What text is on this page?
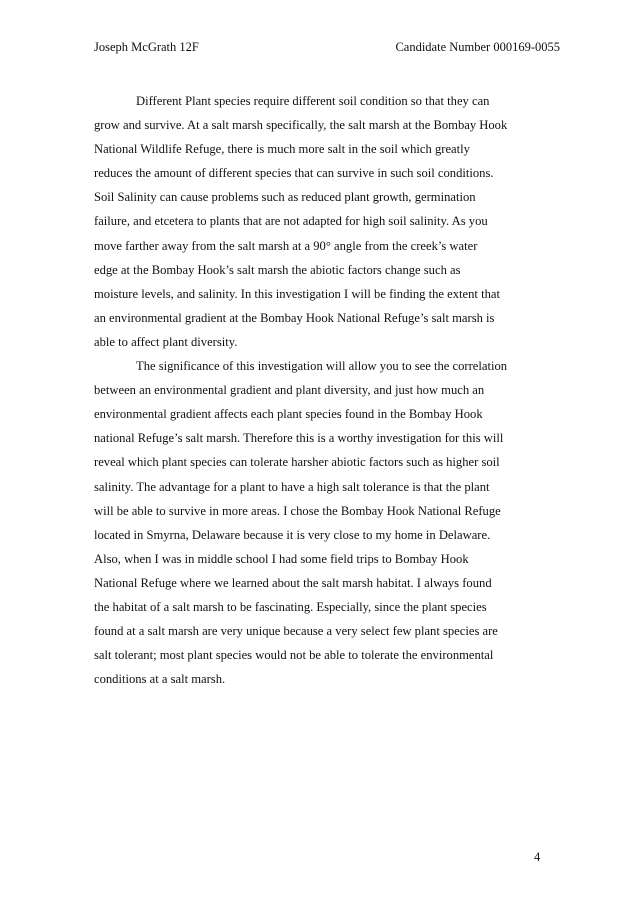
Joseph McGrath 12F	Candidate Number 000169-0055
Different Plant species require different soil condition so that they can
grow and survive. At a salt marsh specifically, the salt marsh at the Bombay Hook
National Wildlife Refuge, there is much more salt in the soil which greatly
reduces the amount of different species that can survive in such soil conditions.
Soil Salinity can cause problems such as reduced plant growth, germination
failure, and etcetera to plants that are not adapted for high soil salinity. As you
move farther away from the salt marsh at a 90° angle from the creek’s water
edge at the Bombay Hook’s salt marsh the abiotic factors change such as
moisture levels, and salinity. In this investigation I will be finding the extent that
an environmental gradient at the Bombay Hook National Refuge’s salt marsh is
able to affect plant diversity.
The significance of this investigation will allow you to see the correlation
between an environmental gradient and plant diversity, and just how much an
environmental gradient affects each plant species found in the Bombay Hook
national Refuge’s salt marsh. Therefore this is a worthy investigation for this will
reveal which plant species can tolerate harsher abiotic factors such as higher soil
salinity. The advantage for a plant to have a high salt tolerance is that the plant
will be able to survive in more areas. I chose the Bombay Hook National Refuge
located in Smyrna, Delaware because it is very close to my home in Delaware.
Also, when I was in middle school I had some field trips to Bombay Hook
National Refuge where we learned about the salt marsh habitat. I always found
the habitat of a salt marsh to be fascinating. Especially, since the plant species
found at a salt marsh are very unique because a very select few plant species are
salt tolerant; most plant species would not be able to tolerate the environmental
conditions at a salt marsh.
4
